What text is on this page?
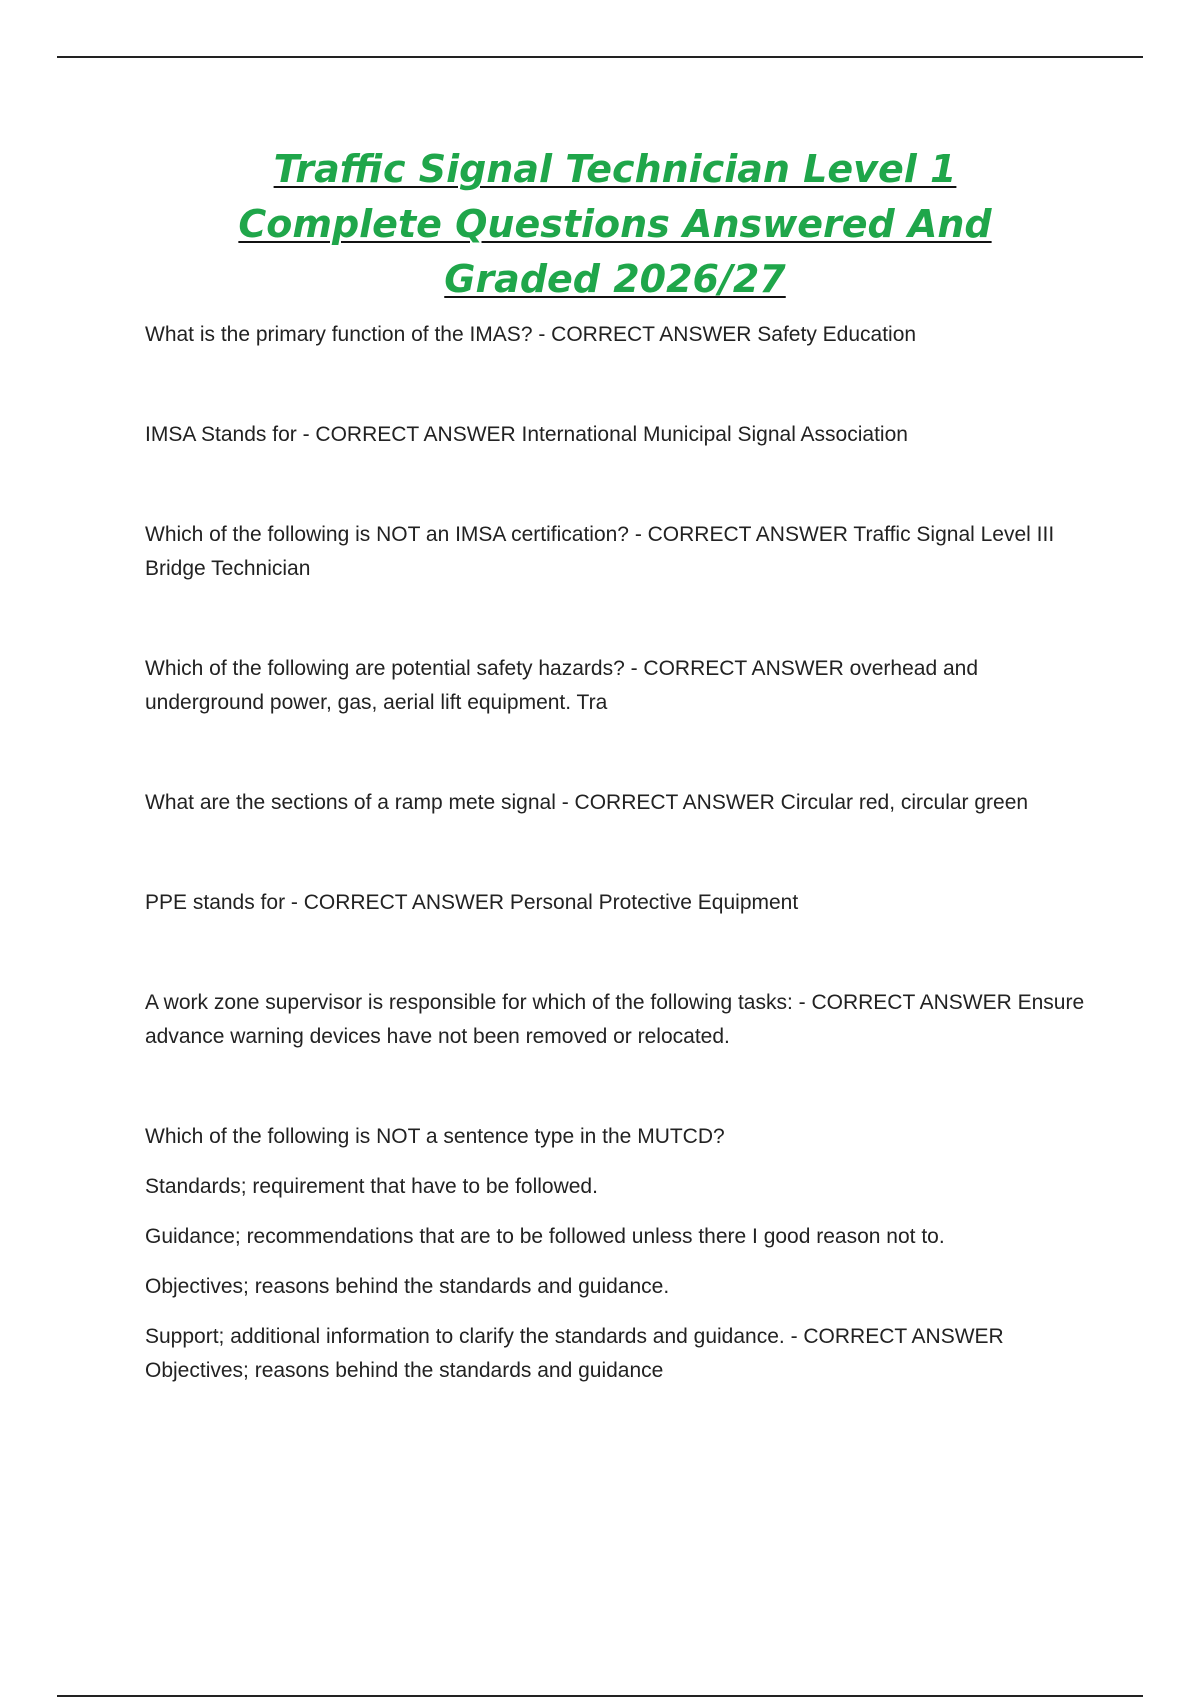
Traffic Signal Technician Level 1
Complete Questions Answered And
Graded 2026/27

What is the primary function of the IMAS? - CORRECT ANSWER Safety Education

IMSA Stands for - CORRECT ANSWER International Municipal Signal Association

Which of the following is NOT an IMSA certification? - CORRECT ANSWER Traffic Signal Level III Bridge Technician

Which of the following are potential safety hazards? - CORRECT ANSWER overhead and underground power, gas, aerial lift equipment. Tra

What are the sections of a ramp mete signal - CORRECT ANSWER Circular red, circular green

PPE stands for - CORRECT ANSWER Personal Protective Equipment

A work zone supervisor is responsible for which of the following tasks: - CORRECT ANSWER Ensure advance warning devices have not been removed or relocated.

Which of the following is NOT a sentence type in the MUTCD?

Standards; requirement that have to be followed.

Guidance; recommendations that are to be followed unless there I good reason not to.

Objectives; reasons behind the standards and guidance.

Support; additional information to clarify the standards and guidance. - CORRECT ANSWER Objectives; reasons behind the standards and guidance
